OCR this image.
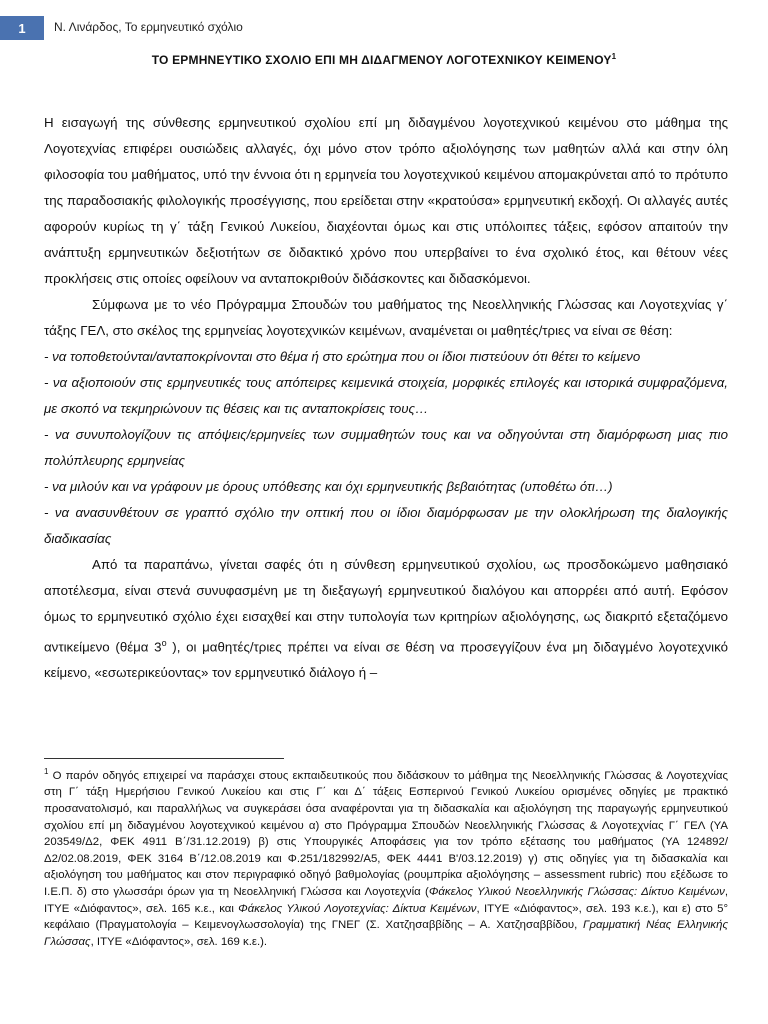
1 Ν. Λινάρδος, Το ερμηνευτικό σχόλιο
ΤΟ ΕΡΜΗΝΕΥΤΙΚΟ ΣΧΟΛΙΟ ΕΠΙ ΜΗ ΔΙΔΑΓΜΕΝΟΥ ΛΟΓΟΤΕΧΝΙΚΟΥ ΚΕΙΜΕΝΟΥ$^1$

Η εισαγωγή της σύνθεσης ερμηνευτικού σχολίου επί μη διδαγμένου λογοτεχνικού κειμένου στο μάθημα της Λογοτεχνίας επιφέρει ουσιώδεις αλλαγές, όχι μόνο στον τρόπο αξιολόγησης των μαθητών αλλά και στην όλη φιλοσοφία του μαθήματος, υπό την έννοια ότι η ερμηνεία του λογοτεχνικού κειμένου απομακρύνεται από το πρότυπο της παραδοσιακής φιλολογικής προσέγγισης, που ερείδεται στην «κρατούσα» ερμηνευτική εκδοχή. Οι αλλαγές αυτές αφορούν κυρίως τη γ΄ τάξη Γενικού Λυκείου, διαχέονται όμως και στις υπόλοιπες τάξεις, εφόσον απαιτούν την ανάπτυξη ερμηνευτικών δεξιοτήτων σε διδακτικό χρόνο που υπερβαίνει το ένα σχολικό έτος, και θέτουν νέες προκλήσεις στις οποίες οφείλουν να ανταποκριθούν διδάσκοντες και διδασκόμενοι.

Σύμφωνα με το νέο Πρόγραμμα Σπουδών του μαθήματος της Νεοελληνικής Γλώσσας και Λογοτεχνίας γ΄ τάξης ΓΕΛ, στο σκέλος της ερμηνείας λογοτεχνικών κειμένων, αναμένεται οι μαθητές/τριες να είναι σε θέση:

- να τοποθετούνται/ανταποκρίνονται στο θέμα ή στο ερώτημα που οι ίδιοι πιστεύουν ότι θέτει το κείμενο

- να αξιοποιούν στις ερμηνευτικές τους απόπειρες κειμενικά στοιχεία, μορφικές επιλογές και ιστορικά συμφραζόμενα, με σκοπό να τεκμηριώνουν τις θέσεις και τις ανταποκρίσεις τους…

- να συνυπολογίζουν τις απόψεις/ερμηνείες των συμμαθητών τους και να οδηγούνται στη διαμόρφωση μιας πιο πολύπλευρης ερμηνείας

- να μιλούν και να γράφουν με όρους υπόθεσης και όχι ερμηνευτικής βεβαιότητας (υποθέτω ότι…)

- να ανασυνθέτουν σε γραπτό σχόλιο την οπτική που οι ίδιοι διαμόρφωσαν με την ολοκλήρωση της διαλογικής διαδικασίας

Από τα παραπάνω, γίνεται σαφές ότι η σύνθεση ερμηνευτικού σχολίου, ως προσδοκώμενο μαθησιακό αποτέλεσμα, είναι στενά συνυφασμένη με τη διεξαγωγή ερμηνευτικού διαλόγου και απορρέει από αυτή. Εφόσον όμως το ερμηνευτικό σχόλιο έχει εισαχθεί και στην τυπολογία των κριτηρίων αξιολόγησης, ως διακριτό εξεταζόμενο αντικείμενο (θέμα $3^o$ ), οι μαθητές/τριες πρέπει να είναι σε θέση να προσεγγίζουν ένα μη διδαγμένο λογοτεχνικό κείμενο, «εσωτερικεύοντας» τον ερμηνευτικό διάλογο ή –

$^1$ Ο παρόν οδηγός επιχειρεί να παράσχει στους εκπαιδευτικούς που διδάσκουν το μάθημα της Νεοελληνικής Γλώσσας & Λογοτεχνίας στη Γ΄ τάξη Ημερήσιου Γενικού Λυκείου και στις Γ΄ και Δ΄ τάξεις Εσπερινού Γενικού Λυκείου ορισμένες οδηγίες με πρακτικό προσανατολισμό, και παραλλήλως να συγκεράσει όσα αναφέρονται για τη διδασκαλία και αξιολόγηση της παραγωγής ερμηνευτικού σχολίου επί μη διδαγμένου λογοτεχνικού κειμένου α) στο Πρόγραμμα Σπουδών Νεοελληνικής Γλώσσας & Λογοτεχνίας Γ΄ ΓΕΛ (ΥΑ 203549/Δ2, ΦΕΚ 4911 Β΄/31.12.2019) β) στις Υπουργικές Αποφάσεις για τον τρόπο εξέτασης του μαθήματος (ΥΑ 124892/Δ2/02.08.2019, ΦΕΚ 3164 Β΄/12.08.2019 και Φ.251/182992/Α5, ΦΕΚ 4441 Β'/03.12.2019) γ) στις οδηγίες για τη διδασκαλία και αξιολόγηση του μαθήματος και στον περιγραφικό οδηγό βαθμολογίας (ρουμπρίκα αξιολόγησης – assessment rubric) που εξέδωσε το Ι.Ε.Π. δ) στο γλωσσάρι όρων για τη Νεοελληνική Γλώσσα και Λογοτεχνία (Φάκελος Υλικού Νεοελληνικής Γλώσσας: Δίκτυο Κειμένων, ΙΤΥΕ «Διόφαντος», σελ. 165 κ.ε., και Φάκελος Υλικού Λογοτεχνίας: Δίκτυα Κειμένων, ΙΤΥΕ «Διόφαντος», σελ. 193 κ.ε.), και ε) στο 5° κεφάλαιο (Πραγματολογία – Κειμενογλωσσολογία) της ΓΝΕΓ (Σ. Χατζησαββίδης – Α. Χατζησαββίδου, Γραμματική Νέας Ελληνικής Γλώσσας, ΙΤΥΕ «Διόφαντος», σελ. 169 κ.ε.).
